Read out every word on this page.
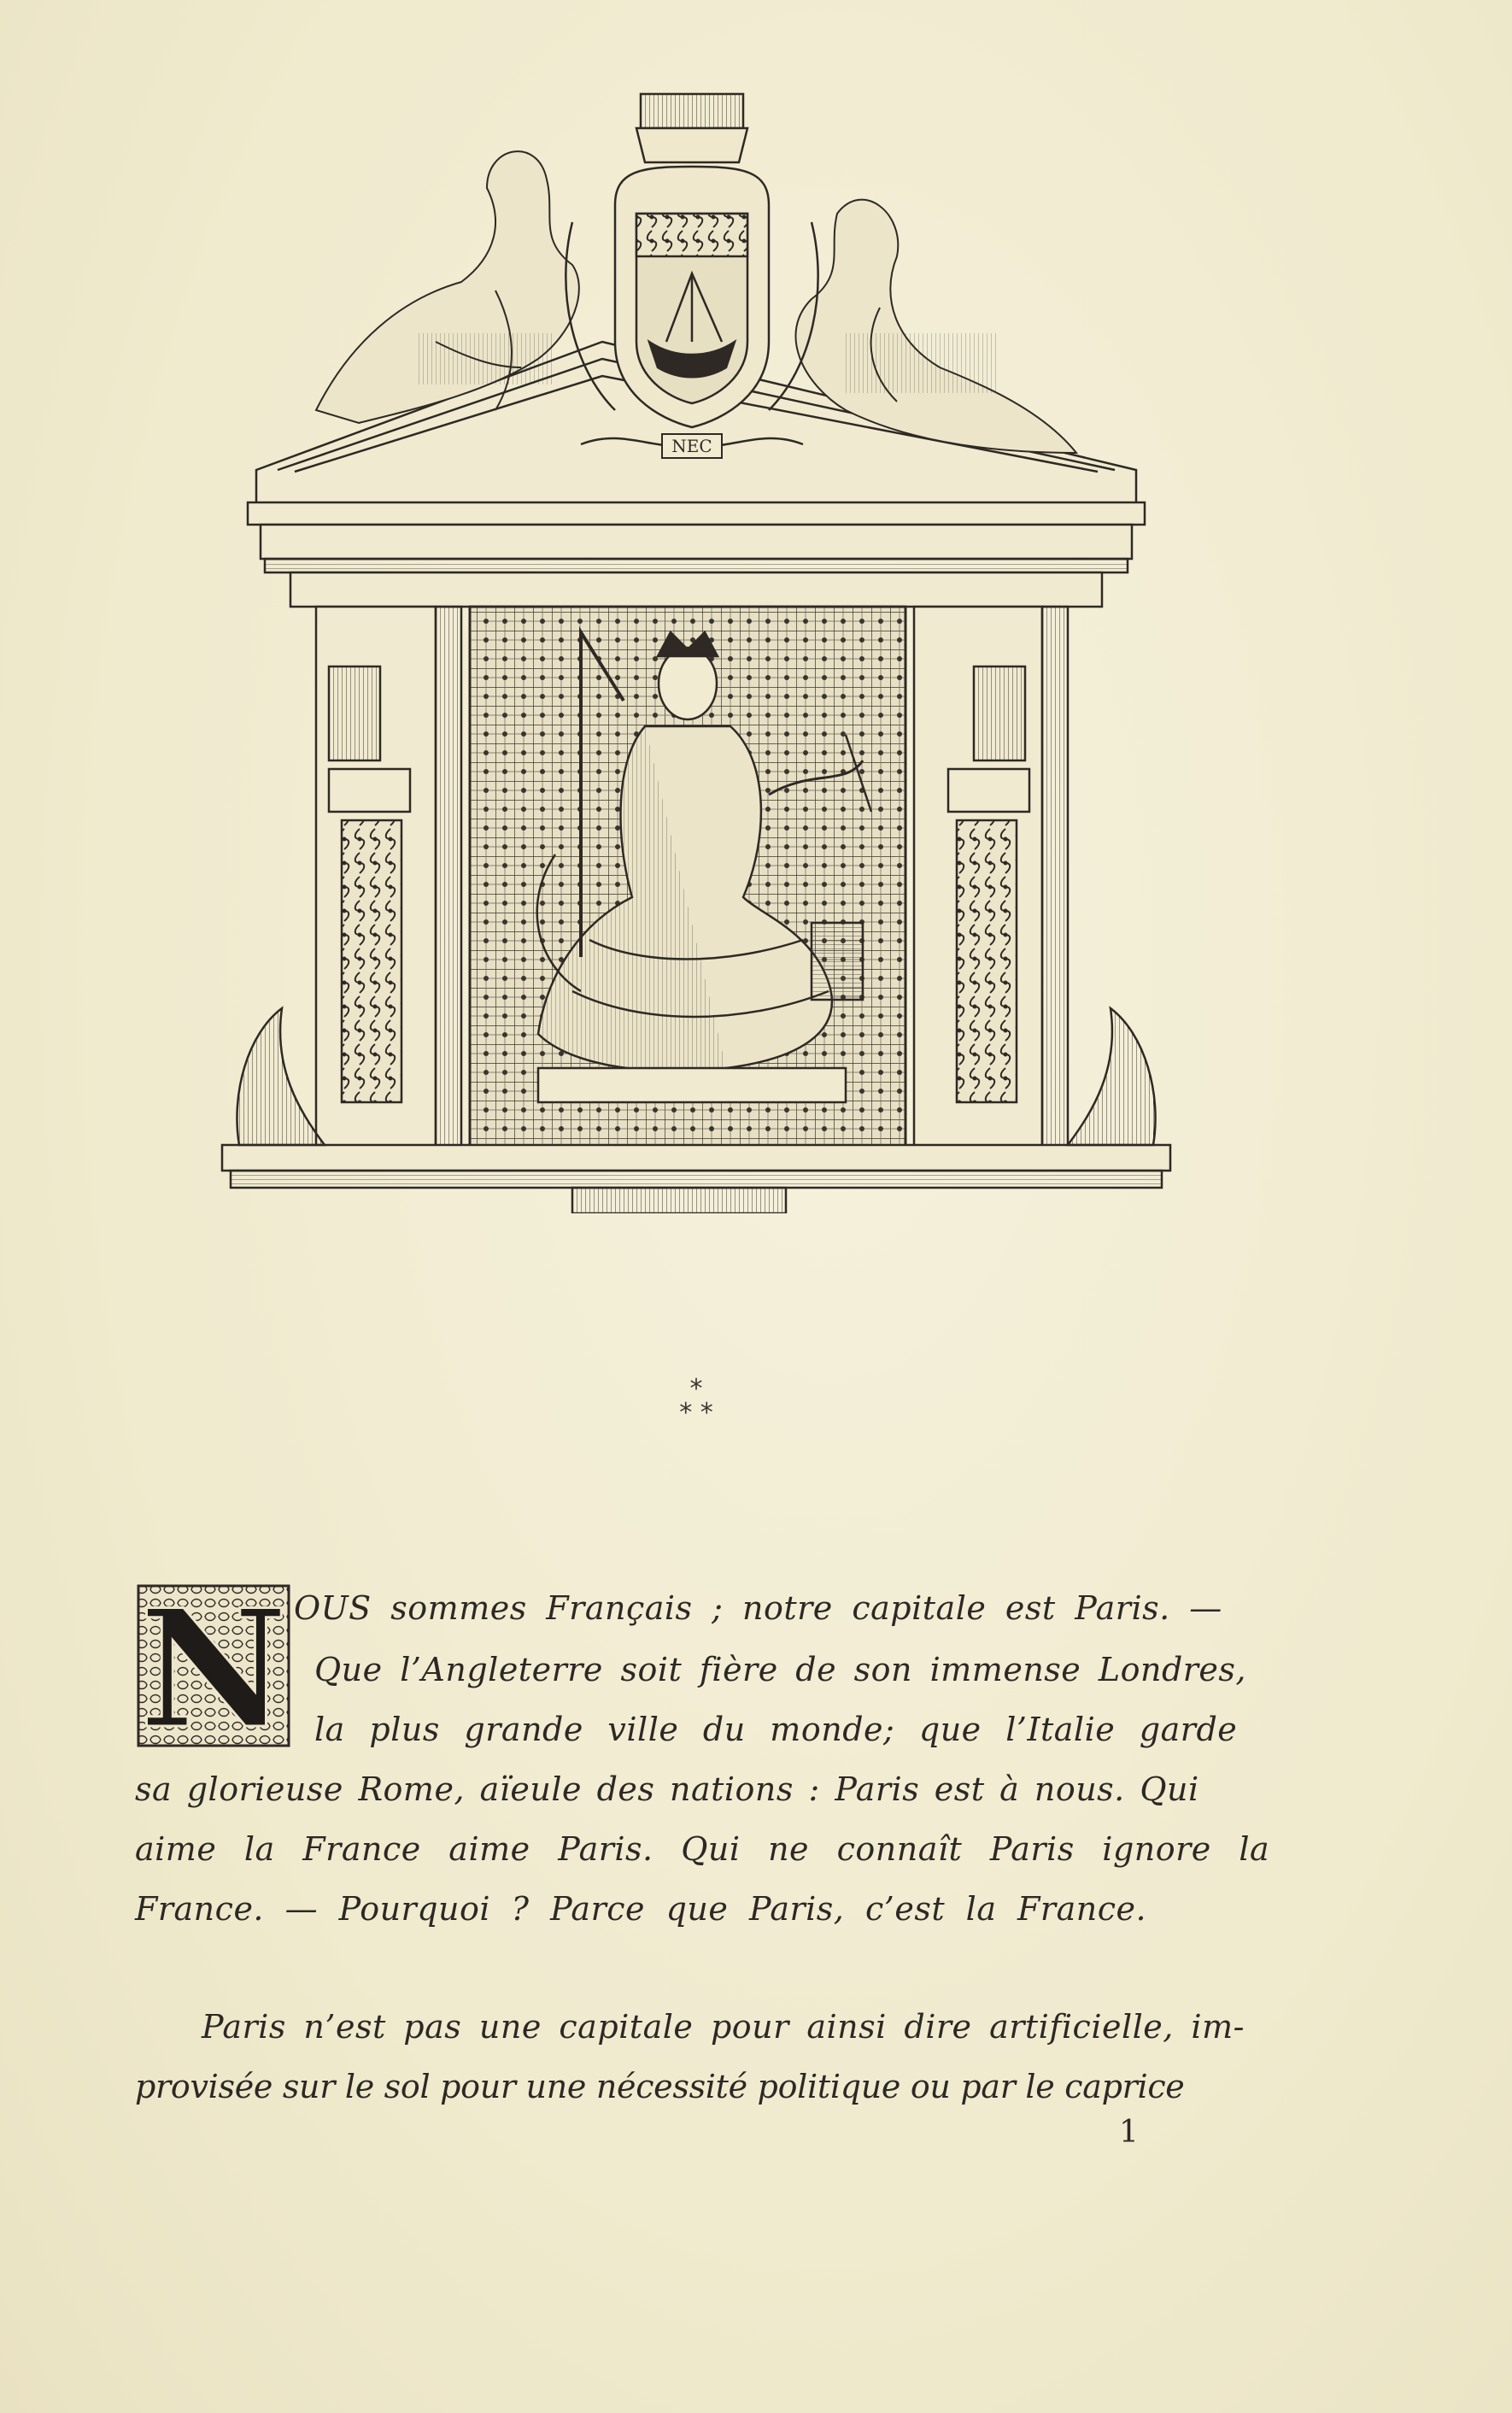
NEC
*
* *
N OUS sommes Français ; notre capitale est Paris. —
Que l’Angleterre soit fière de son immense Londres,
la plus grande ville du monde; que l’Italie garde
sa glorieuse Rome, aïeule des nations : Paris est à nous. Qui
aime la France aime Paris. Qui ne connaît Paris ignore la
France. — Pourquoi ? Parce que Paris, c’est la France.
Paris n’est pas une capitale pour ainsi dire artificielle, im-
provisée sur le sol pour une nécessité politique ou par le caprice
1
